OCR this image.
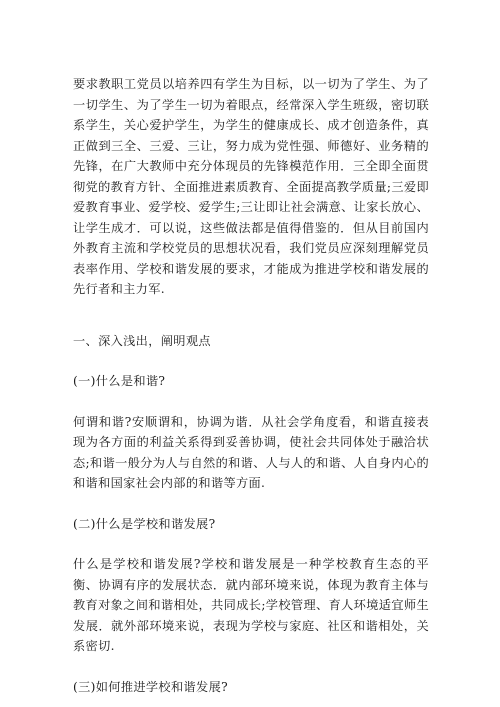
要求教职工党员以培养四有学生为目标，以一切为了学生、为了一切学生、为了学生一切为着眼点，经常深入学生班级，密切联系学生，关心爱护学生，为学生的健康成长、成才创造条件，真正做到三全、三爱、三让，努力成为党性强、师德好、业务精的先锋，在广大教师中充分体现员的先锋模范作用．三全即全面贯彻党的教育方针、全面推进素质教育、全面提高教学质量;三爱即爱教育事业、爱学校、爱学生;三让即让社会满意、让家长放心、让学生成才．可以说，这些做法都是值得借鉴的．但从目前国内外教育主流和学校党员的思想状况看，我们党员应深刻理解党员表率作用、学校和谐发展的要求，才能成为推进学校和谐发展的先行者和主力军.

一、深入浅出，阐明观点

(一)什么是和谐?

何谓和谐?安顺谓和，协调为谐．从社会学角度看，和谐直接表现为各方面的利益关系得到妥善协调，使社会共同体处于融洽状态;和谐一般分为人与自然的和谐、人与人的和谐、人自身内心的和谐和国家社会内部的和谐等方面.

(二)什么是学校和谐发展?

什么是学校和谐发展?学校和谐发展是一种学校教育生态的平衡、协调有序的发展状态．就内部环境来说，体现为教育主体与教育对象之间和谐相处，共同成长;学校管理、育人环境适宜师生发展．就外部环境来说，表现为学校与家庭、社区和谐相处，关系密切.

(三)如何推进学校和谐发展?
